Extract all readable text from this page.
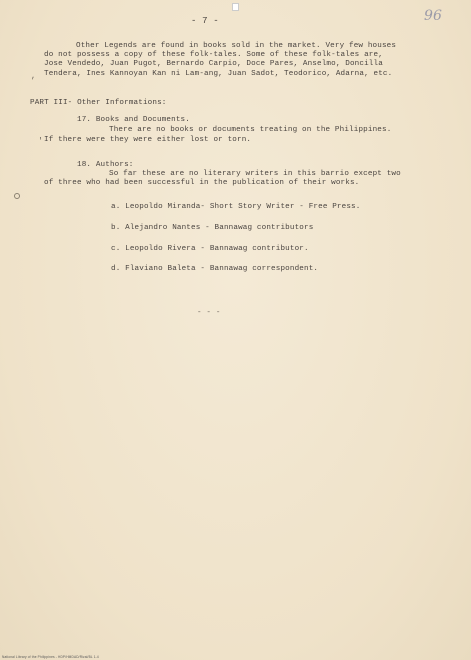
- 7 -	96
Other Legends are found in books sold in the market. Very few houses
do not possess a copy of these folk-tales. Some of these folk-tales are,
Jose Vendedo, Juan Pugot, Bernardo Carpio, Doce Pares, Anselmo, Doncilla
Tendera, Ines Kannoyan Kan ni Lam-ang, Juan Sadot, Teodorico, Adarna, etc.
PART III- Other Informations:
17. Books and Documents.
There are no books or documents treating on the Philippines.
If there were they were either lost or torn.
18. Authors:
So far these are no literary writers in this barrio except two
of three who had been successful in the publication of their works.
a. Leopoldo Miranda- Short Story Writer - Free Press.
b. Alejandro Nantes - Bannawag contributors
c. Leopoldo Rivera - Bannawag contributor.
d. Flaviano Baleta - Bannawag correspondent.
- - -
,
'
National Library of the Philippines - HDP/HMDAD/Rizal/BL 1-4
